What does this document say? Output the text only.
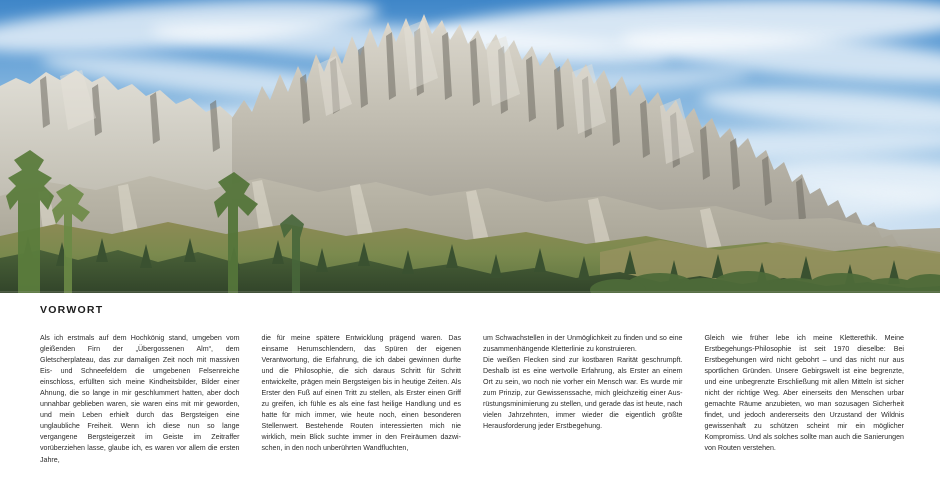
VORWORT

Als ich erstmals auf dem Hochkönig stand, umgeben vom gleißenden Firn der „Übergossenen Alm“, dem Gletscherplateau, das zur damaligen Zeit noch mit massiven Eis- und Schneefeldern die umgebenen Felsenreiche einschloss, erfüllten sich meine Kindheitsbilder, Bilder einer Ahnung, die so lange in mir geschlummert hatten, aber doch unnahbar geblieben waren, sie waren eins mit mir geworden, und mein Leben erhielt durch das Bergsteigen eine unglaubliche Freiheit. Wenn ich diese nun so lange vergangene Bergsteigerzeit im Geiste im Zeitraffer vorüberziehen lasse, glaube ich, es waren vor allem die ersten Jahre,

die für meine spätere Entwicklung prägend waren. Das einsame Herumschlendern, das Spüren der eigenen Verantwortung, die Erfahrung, die ich dabei gewinnen durfte und die Philosophie, die sich daraus Schritt für Schritt entwickelte, prägen mein Bergsteigen bis in heutige Zeiten. Als Erster den Fuß auf einen Tritt zu stellen, als Erster einen Griff zu greifen, ich fühle es als eine fast heilige Handlung und es hatte für mich immer, wie heute noch, einen besonderen Stellenwert. Bestehende Routen interessierten mich nie wirklich, mein Blick suchte immer in den Freiräumen dazwischen, in den noch unberührten Wandfluchten,

um Schwachstellen in der Unmöglichkeit zu finden und so eine zusammenhängende Kletterlinie zu konstruieren.

Die weißen Flecken sind zur kostbaren Rarität geschrumpft. Deshalb ist es eine wertvolle Erfahrung, als Erster an einem Ort zu sein, wo noch nie vorher ein Mensch war. Es wurde mir zum Prinzip, zur Gewissenssache, mich gleichzeitig einer Ausrüstungsminimierung zu stellen, und gerade das ist heute, nach vielen Jahrzehnten, immer wieder die eigentlich größte Herausforderung jeder Erstbegehung.

Gleich wie früher lebe ich meine Kletterethik. Meine Erstbegehungs-Philosophie ist seit 1970 dieselbe: Bei Erstbegehungen wird nicht gebohrt – und das nicht nur aus sportlichen Gründen. Unsere Gebirgswelt ist eine begrenzte, und eine unbegrenzte Erschließung mit allen Mitteln ist sicher nicht der richtige Weg. Aber einerseits den Menschen urbar gemachte Räume anzubieten, wo man sozusagen Sicherheit findet, und jedoch andererseits den Urzustand der Wildnis gewissenhaft zu schützen scheint mir ein möglicher Kompromiss. Und als solches sollte man auch die Sanierungen von Routen verstehen.
